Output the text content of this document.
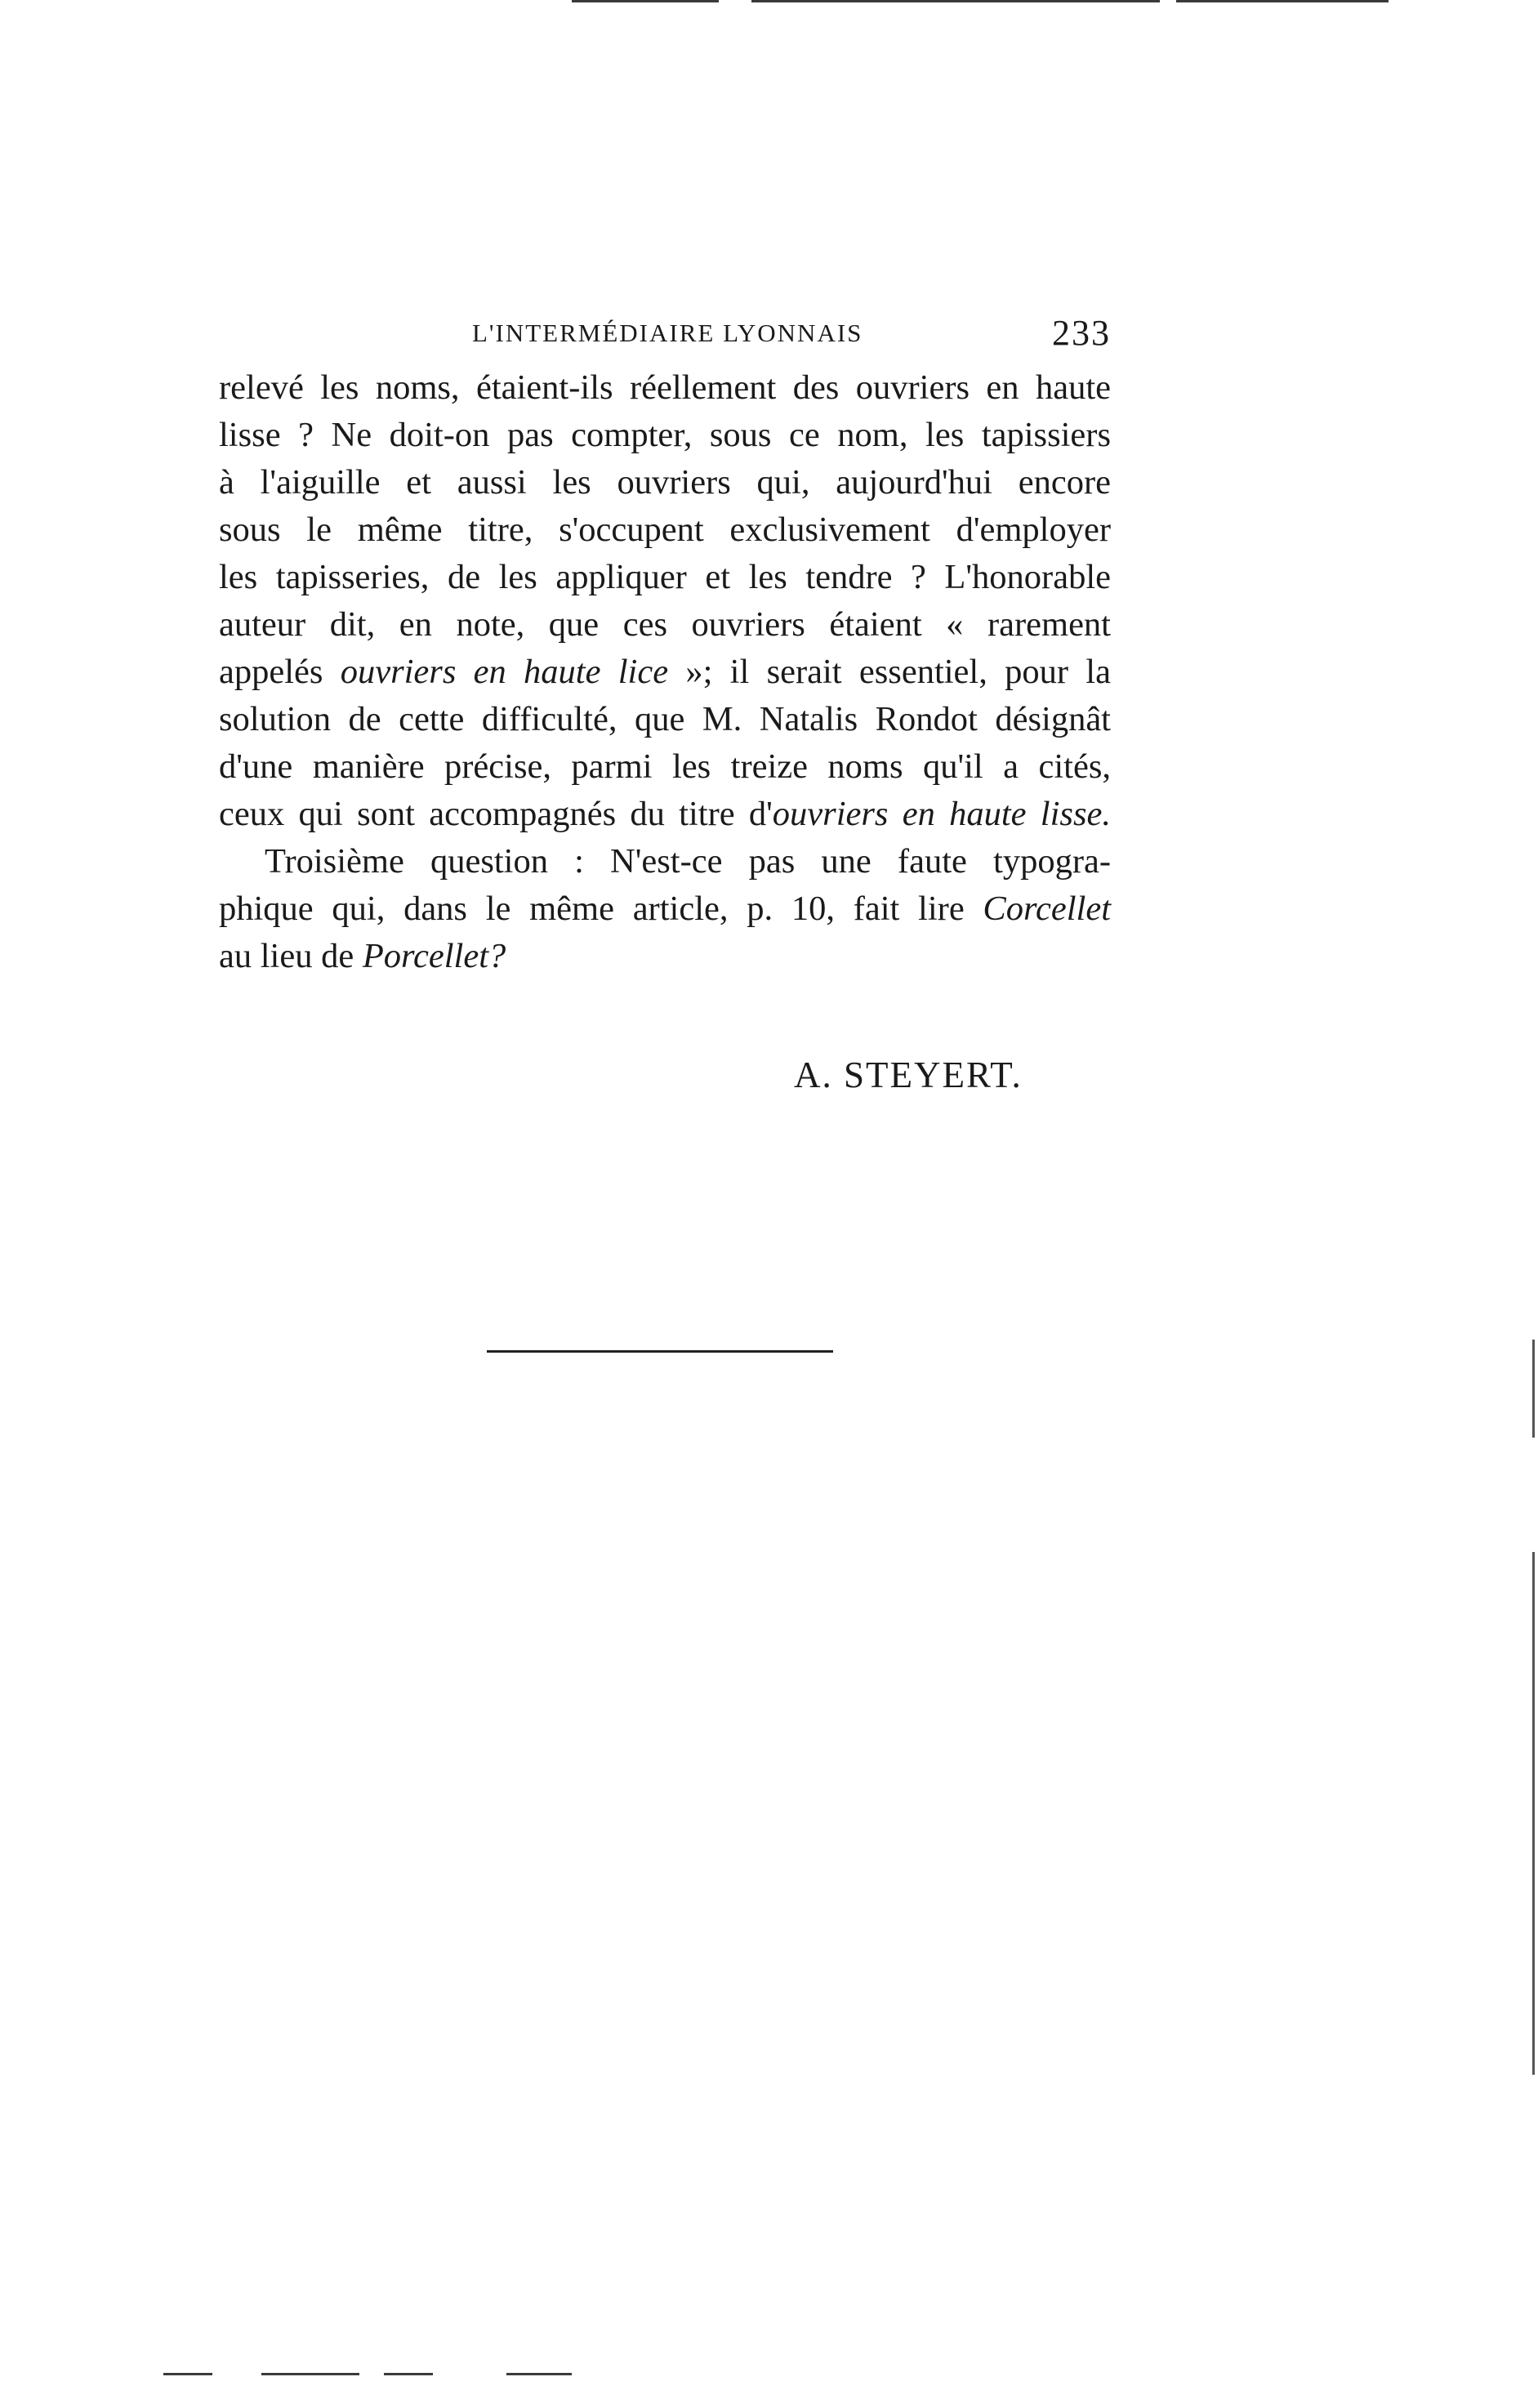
L'INTERMÉDIAIRE LYONNAIS	233
relevé les noms, étaient-ils réellement des ouvriers en haute
lisse ? Ne doit-on pas compter, sous ce nom, les tapissiers
à l'aiguille et aussi les ouvriers qui, aujourd'hui encore
sous le même titre, s'occupent exclusivement d'employer
les tapisseries, de les appliquer et les tendre ? L'honorable
auteur dit, en note, que ces ouvriers étaient « rarement
appelés ouvriers en haute lice »; il serait essentiel, pour la
solution de cette difficulté, que M. Natalis Rondot désignât
d'une manière précise, parmi les treize noms qu'il a cités,
ceux qui sont accompagnés du titre d'ouvriers en haute lisse.
Troisième question : N'est-ce pas une faute typogra-
phique qui, dans le même article, p. 10, fait lire Corcellet
au lieu de Porcellet?
A. STEYERT.
